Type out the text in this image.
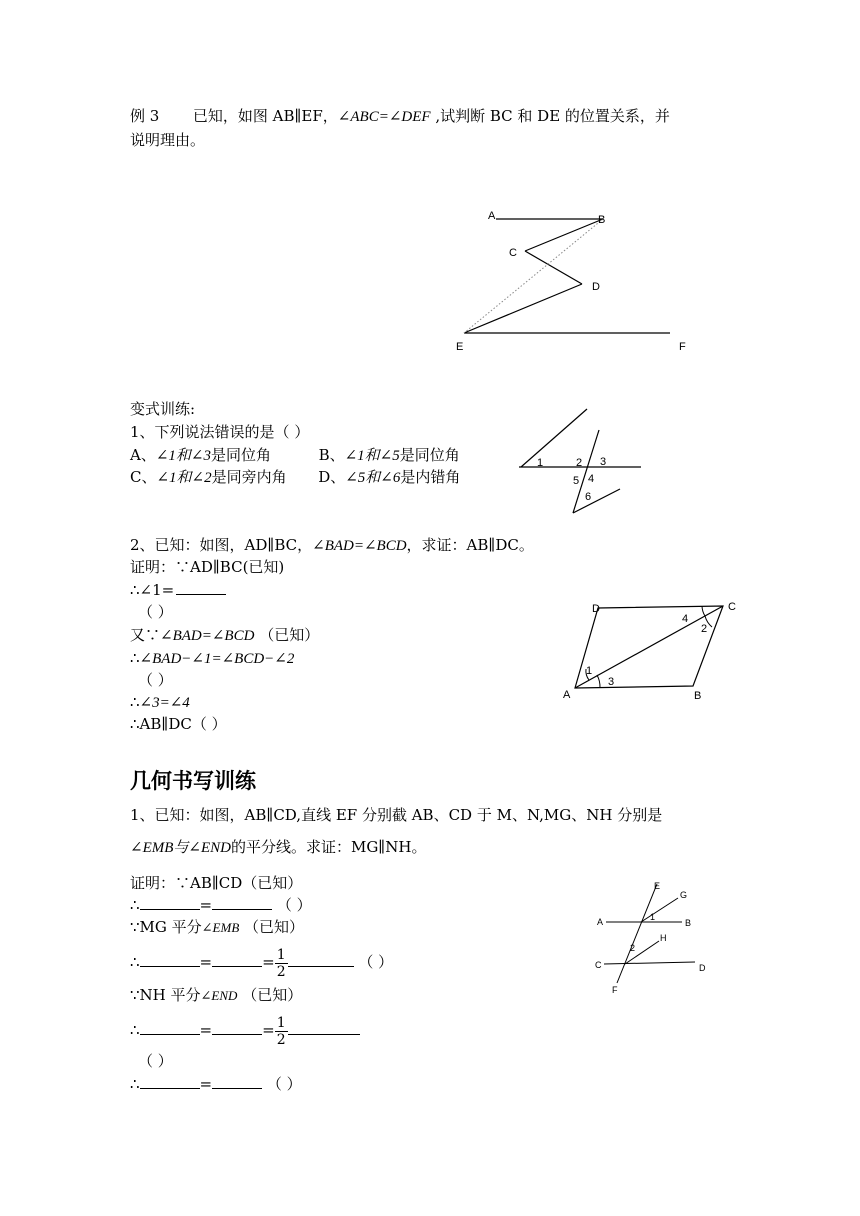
例 3 已知，如图 AB∥EF，∠ABC=∠DEF ,试判断 BC 和 DE 的位置关系，并
说明理由。
A	B
C
D
E	F
变式训练:
1、下列说法错误的是（ ）
A、∠1和∠3是同位角	B、∠1和∠5是同位角
C、∠1和∠2是同旁内角 D、∠5和∠6是内错角
1	2 3
4
5
6
2、已知：如图，AD∥BC，∠BAD=∠BCD，求证：AB∥DC。
证明：∵AD∥BC(已知)
∴∠1=
（ ）
又∵∠BAD=∠BCD （已知）
∴∠BAD−∠1=∠BCD−∠2
（ ）
∴∠3=∠4
∴AB∥DC（ ）
D	C
A	B
1
2
3
4
几何书写训练
1、已知：如图，AB∥CD,直线 EF 分别截 AB、CD 于 M、N,MG、NH 分别是
∠EMB与∠END的平分线。求证：MG∥NH。
证明：∵AB∥CD（已知）
∴	=	（ ）
∵MG 平分∠EMB （已知）
∴	=	= $\frac{1}{2}$	（ ）
∵NH 平分∠END （已知）
∴	=	= $\frac{1}{2}$
（ ）
∴	=	（ ）
E
G
A	B
H
C	D
F
1
2
